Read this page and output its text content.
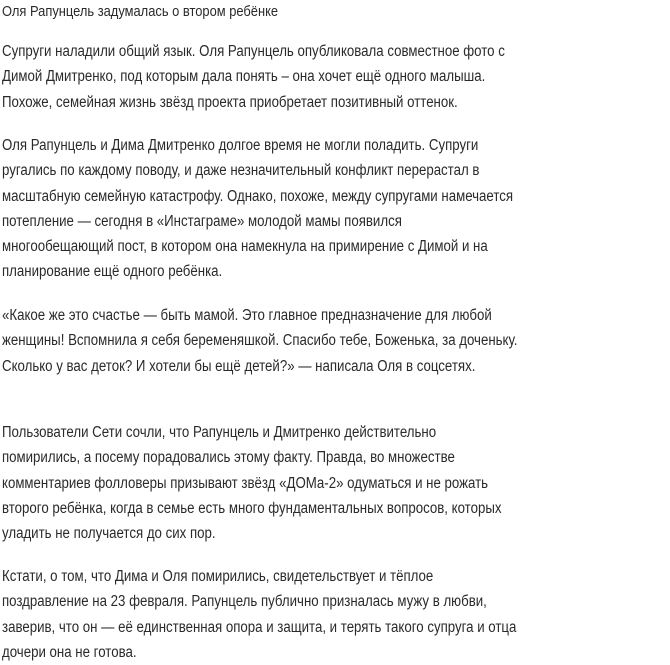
Оля Рапунцель задумалась о втором ребёнке
Супруги наладили общий язык. Оля Рапунцель опубликовала совместное фото с
Димой Дмитренко, под которым дала понять – она хочет ещё одного малыша.
Похоже, семейная жизнь звёзд проекта приобретает позитивный оттенок.
Оля Рапунцель и Дима Дмитренко долгое время не могли поладить. Супруги
ругались по каждому поводу, и даже незначительный конфликт перерастал в
масштабную семейную катастрофу. Однако, похоже, между супругами намечается
потепление — сегодня в «Инстаграме» молодой мамы появился
многообещающий пост, в котором она намекнула на примирение с Димой и на
планирование ещё одного ребёнка.
«Какое же это счастье — быть мамой. Это главное предназначение для любой
женщины! Вспомнила я себя беременяшкой. Спасибо тебе, Боженька, за доченьку.
Сколько у вас деток? И хотели бы ещё детей?» — написала Оля в соцсетях.
Пользователи Сети сочли, что Рапунцель и Дмитренко действительно
помирились, а посему порадовались этому факту. Правда, во множестве
комментариев фолловеры призывают звёзд «ДОМа-2» одуматься и не рожать
второго ребёнка, когда в семье есть много фундаментальных вопросов, которых
уладить не получается до сих пор.
Кстати, о том, что Дима и Оля помирились, свидетельствует и тёплое
поздравление на 23 февраля. Рапунцель публично призналась мужу в любви,
заверив, что он — её единственная опора и защита, и терять такого супруга и отца
дочери она не готова.
